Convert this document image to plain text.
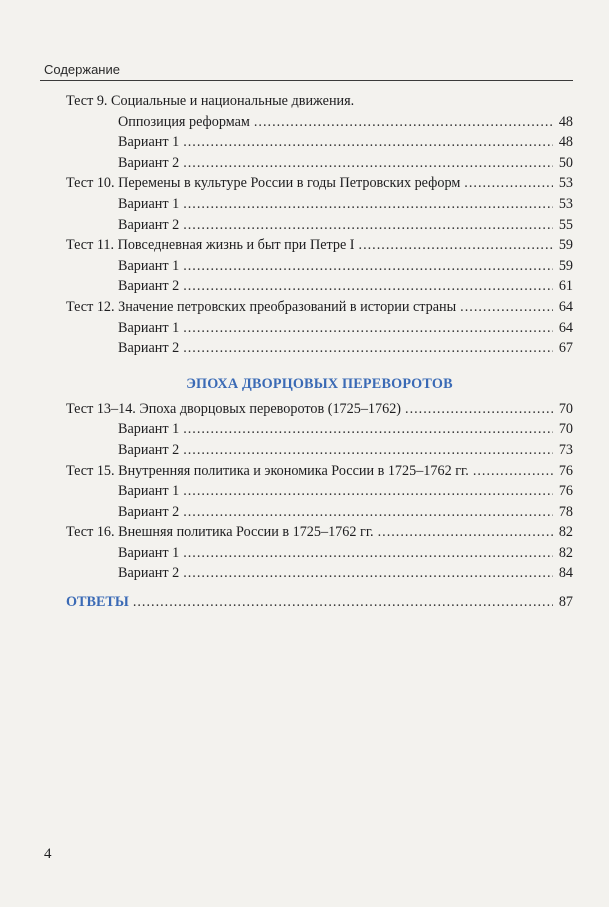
Содержание
Тест 9. Социальные и национальные движения.
Оппозиция реформам .....	48
Вариант 1 .....	48
Вариант 2 .....	50
Тест 10. Перемены в культуре России в годы Петровских реформ .....	53
Вариант 1 .....	53
Вариант 2 .....	55
Тест 11. Повседневная жизнь и быт при Петре I .....	59
Вариант 1 .....	59
Вариант 2 .....	61
Тест 12. Значение петровских преобразований в истории страны .....	64
Вариант 1 .....	64
Вариант 2 .....	67
ЭПОХА ДВОРЦОВЫХ ПЕРЕВОРОТОВ
Тест 13–14. Эпоха дворцовых переворотов (1725–1762) .....	70
Вариант 1 .....	70
Вариант 2 .....	73
Тест 15. Внутренняя политика и экономика России в 1725–1762 гг. .....	76
Вариант 1 .....	76
Вариант 2 .....	78
Тест 16. Внешняя политика России в 1725–1762 гг. .....	82
Вариант 1 .....	82
Вариант 2 .....	84
ОТВЕТЫ .....	87
4
